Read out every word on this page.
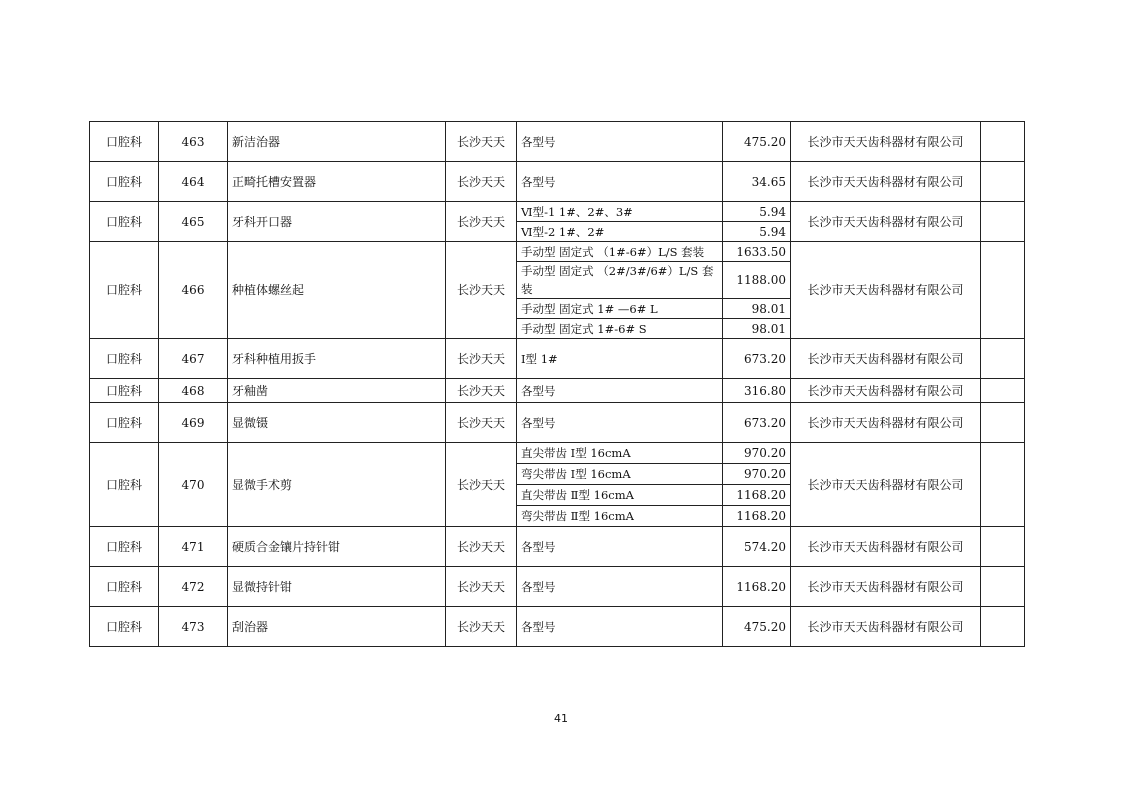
口腔科	463	新洁治器	长沙天天	各型号	475.20	长沙市天天齿科器材有限公司	
口腔科	464	正畸托槽安置器	长沙天天	各型号	34.65	长沙市天天齿科器材有限公司	
口腔科	465	牙科开口器	长沙天天	Ⅵ型-1 1#、2#、3#	5.94	长沙市天天齿科器材有限公司	
				Ⅵ型-2 1#、2#	5.94		
口腔科	466	种植体螺丝起	长沙天天	手动型 固定式 （1#-6#）L/S 套装	1633.50	长沙市天天齿科器材有限公司	
				手动型 固定式 （2#/3#/6#）L/S 套装	1188.00		
				手动型 固定式 1# —6# L	98.01		
				手动型 固定式 1#-6# S	98.01		
口腔科	467	牙科种植用扳手	长沙天天	Ⅰ型 1#	673.20	长沙市天天齿科器材有限公司	
口腔科	468	牙釉凿	长沙天天	各型号	316.80	长沙市天天齿科器材有限公司	
口腔科	469	显微镊	长沙天天	各型号	673.20	长沙市天天齿科器材有限公司	
口腔科	470	显微手术剪	长沙天天	直尖带齿 Ⅰ型 16cmA	970.20	长沙市天天齿科器材有限公司	
				弯尖带齿 Ⅰ型 16cmA	970.20		
				直尖带齿 Ⅱ型 16cmA	1168.20		
				弯尖带齿 Ⅱ型 16cmA	1168.20		
口腔科	471	硬质合金镶片持针钳	长沙天天	各型号	574.20	长沙市天天齿科器材有限公司	
口腔科	472	显微持针钳	长沙天天	各型号	1168.20	长沙市天天齿科器材有限公司	
口腔科	473	刮治器	长沙天天	各型号	475.20	长沙市天天齿科器材有限公司	
41
